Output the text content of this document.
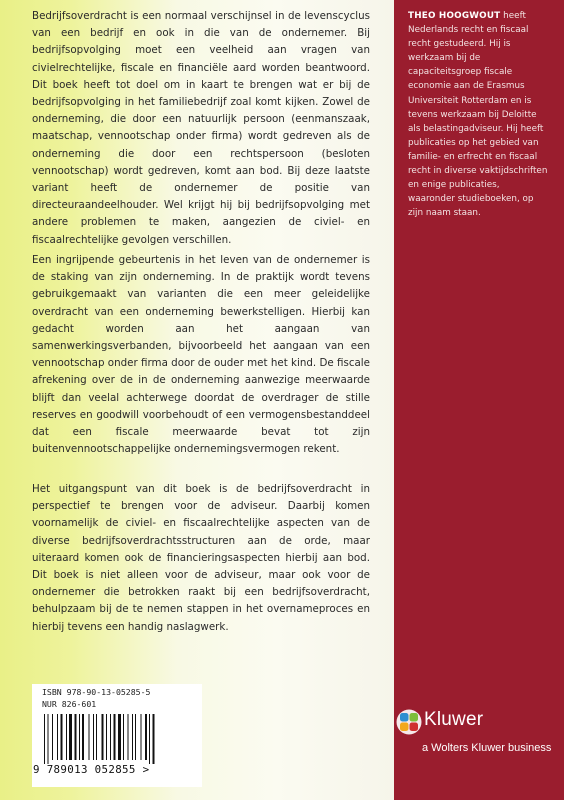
Bedrijfsoverdracht is een normaal verschijnsel in de levenscyclus van een bedrijf en ook in die van de ondernemer. Bij bedrijfsopvolging moet een veelheid aan vragen van civielrechtelijke, fiscale en financiële aard worden beantwoord. Dit boek heeft tot doel om in kaart te brengen wat er bij de bedrijfsopvolging in het familiebedrijf zoal komt kijken. Zowel de onderneming, die door een natuurlijk persoon (eenmanszaak, maatschap, vennootschap onder firma) wordt gedreven als de onderneming die door een rechtspersoon (besloten vennootschap) wordt gedreven, komt aan bod. Bij deze laatste variant heeft de ondernemer de positie van directeuraandeelhouder. Wel krijgt hij bij bedrijfsopvolging met andere problemen te maken, aangezien de civiel- en fiscaalrechtelijke gevolgen verschillen.

Een ingrijpende gebeurtenis in het leven van de ondernemer is de staking van zijn onderneming. In de praktijk wordt tevens gebruikgemaakt van varianten die een meer geleidelijke overdracht van een onderneming bewerkstelligen. Hierbij kan gedacht worden aan het aangaan van samenwerkingsverbanden, bijvoorbeeld het aangaan van een vennootschap onder firma door de ouder met het kind. De fiscale afrekening over de in de onderneming aanwezige meerwaarde blijft dan veelal achterwege doordat de overdrager de stille reserves en goodwill voorbehoudt of een vermogensbestanddeel dat een fiscale meerwaarde bevat tot zijn buitenvennootschappelijke ondernemingsvermogen rekent.

Het uitgangspunt van dit boek is de bedrijfsoverdracht in perspectief te brengen voor de adviseur. Daarbij komen voornamelijk de civiel- en fiscaalrechtelijke aspecten van de diverse bedrijfsoverdrachtsstructuren aan de orde, maar uiteraard komen ook de financieringsaspecten hierbij aan bod. Dit boek is niet alleen voor de adviseur, maar ook voor de ondernemer die betrokken raakt bij een bedrijfsoverdracht, behulpzaam bij de te nemen stappen in het overnameproces en hierbij tevens een handig naslagwerk.

THEO HOOGWOUT heeft Nederlands recht en fiscaal recht gestudeerd. Hij is werkzaam bij de capaciteitsgroep fiscale economie aan de Erasmus Universiteit Rotterdam en is tevens werkzaam bij Deloitte als belastingadviseur. Hij heeft publicaties op het gebied van familie- en erfrecht en fiscaal recht in diverse vaktijdschriften en enige publicaties, waaronder studieboeken, op zijn naam staan.

ISBN 978-90-13-05285-5

NUR 826-601

9 789013 052855 >

Kluwer

a Wolters Kluwer business
